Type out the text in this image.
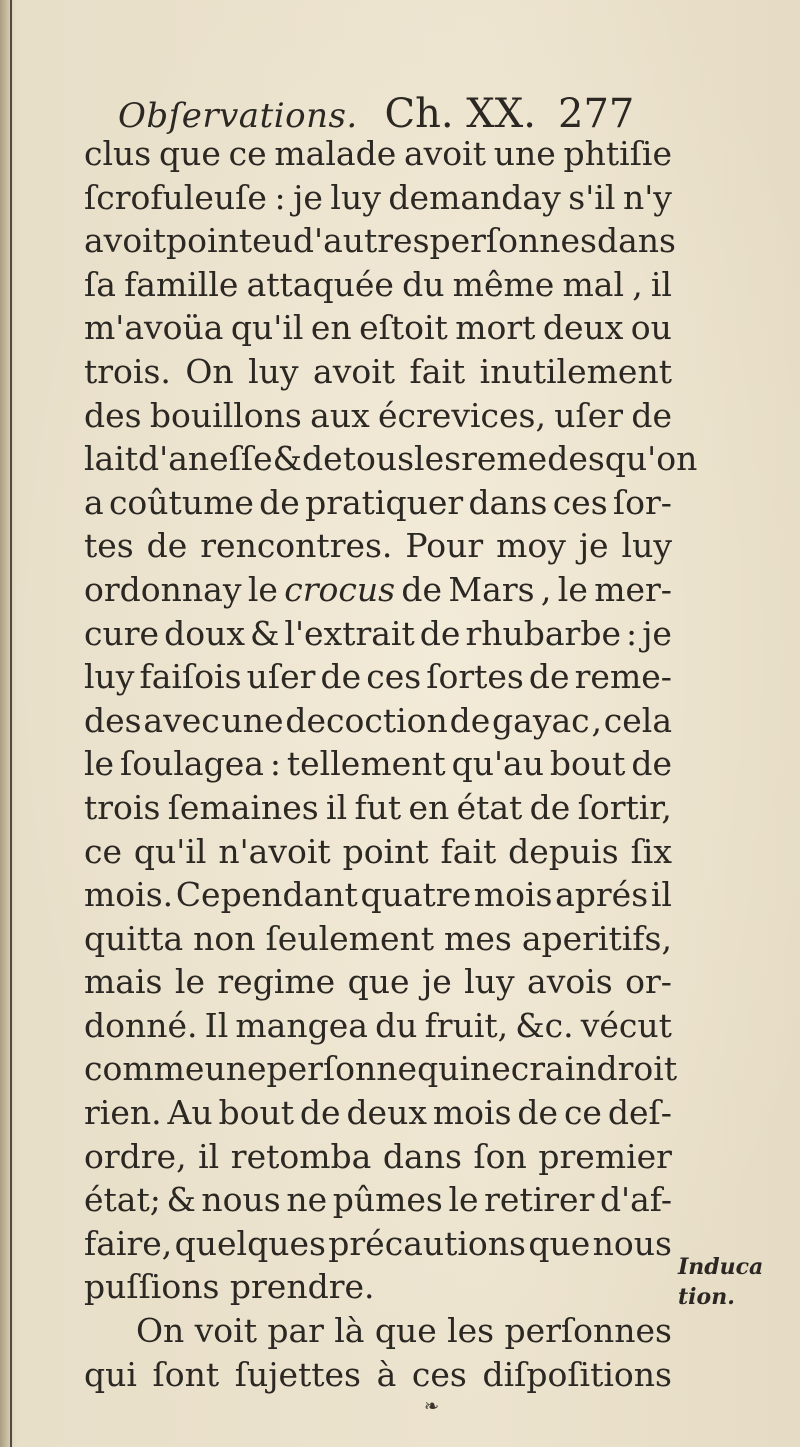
Obſervations. Ch. XX. 277
clus que ce malade avoit une phtiſie
ſcrofuleuſe : je luy demanday s'il n'y
avoit point eu d'autres perſonnes dans
ſa famille attaquée du même mal , il
m'avoüa qu'il en eſtoit mort deux ou
trois. On luy avoit fait inutilement
des bouillons aux écrevices, uſer de
lait d'aneſſe & de tous les remedes qu'on
a coûtume de pratiquer dans ces ſor-
tes de rencontres. Pour moy je luy
ordonnay le crocus de Mars , le mer-
cure doux & l'extrait de rhubarbe : je
luy faiſois uſer de ces ſortes de reme-
des avec une decoction de gayac , cela
le ſoulagea : tellement qu'au bout de
trois ſemaines il fut en état de ſortir,
ce qu'il n'avoit point fait depuis ſix
mois. Cependant quatre mois aprés il
quitta non ſeulement mes aperitifs,
mais le regime que je luy avois or-
donné. Il mangea du fruit, &c. vécut
comme une perſonne qui ne craindroit
rien. Au bout de deux mois de ce deſ-
ordre, il retomba dans ſon premier
état; & nous ne pûmes le retirer d'af-
faire, quelques précautions que nous
puſſions prendre.
On voit par là que les perſonnes
qui ſont ſujettes à ces diſpoſitions
Induca
tion.
❧
